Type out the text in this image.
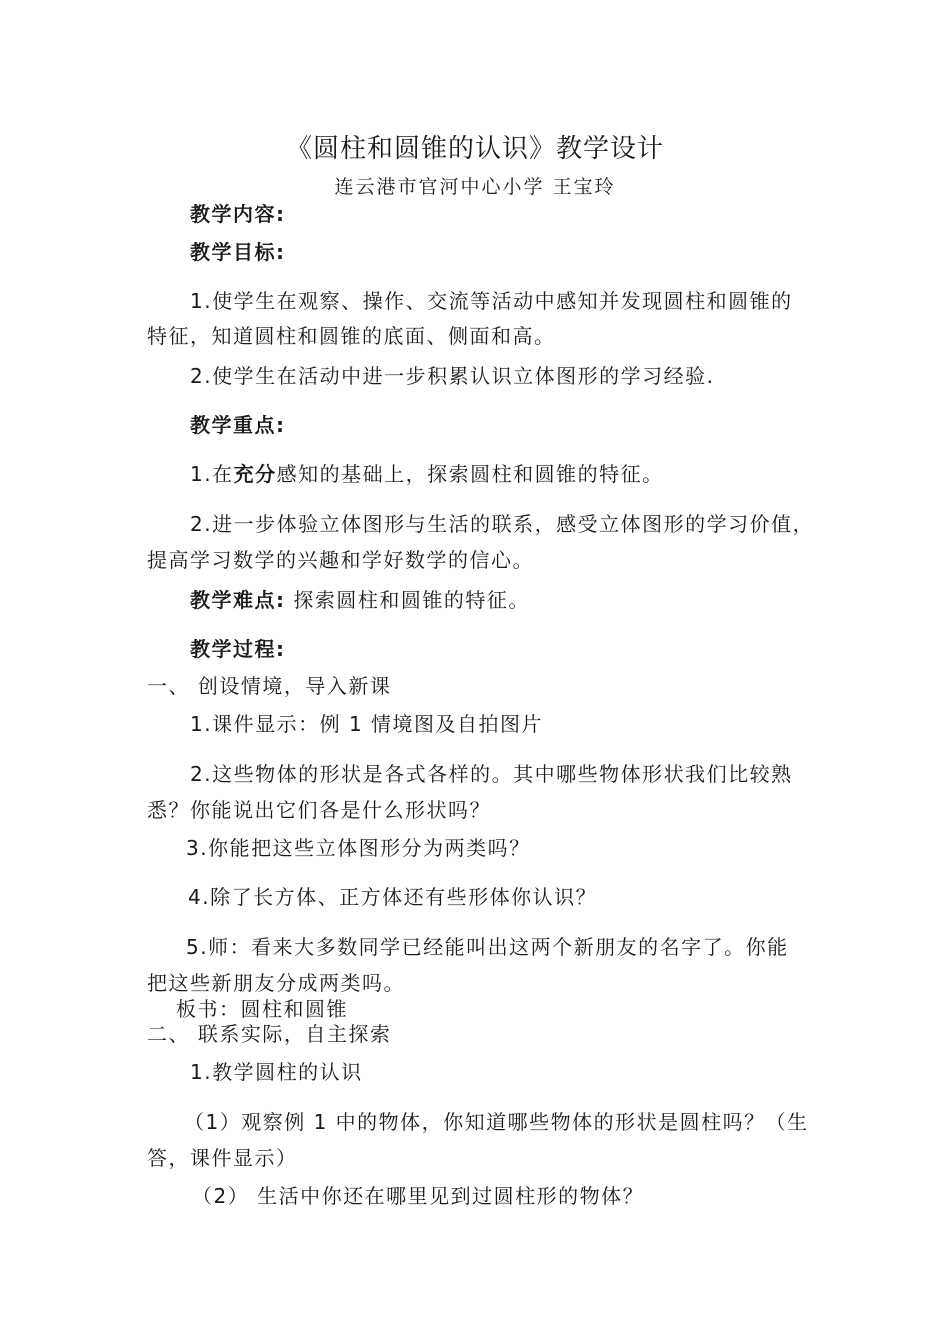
《圆柱和圆锥的认识》教学设计
连云港市官河中心小学 王宝玲
教学内容:
教学目标:
1.使学生在观察、操作、交流等活动中感知并发现圆柱和圆锥的
特征，知道圆柱和圆锥的底面、侧面和高。
2.使学生在活动中进一步积累认识立体图形的学习经验.
教学重点:
1.在充分感知的基础上，探索圆柱和圆锥的特征。
2.进一步体验立体图形与生活的联系，感受立体图形的学习价值，
提高学习数学的兴趣和学好数学的信心。
教学难点: 探索圆柱和圆锥的特征。
教学过程:
一、 创设情境，导入新课
1.课件显示：例 1 情境图及自拍图片
2.这些物体的形状是各式各样的。其中哪些物体形状我们比较熟
悉？你能说出它们各是什么形状吗？
3.你能把这些立体图形分为两类吗？
4.除了长方体、正方体还有些形体你认识？
5.师：看来大多数同学已经能叫出这两个新朋友的名字了。你能
把这些新朋友分成两类吗。
板书：圆柱和圆锥
二、 联系实际，自主探索
1.教学圆柱的认识
（1）观察例 1 中的物体，你知道哪些物体的形状是圆柱吗？（生
答，课件显示）
（2） 生活中你还在哪里见到过圆柱形的物体？
